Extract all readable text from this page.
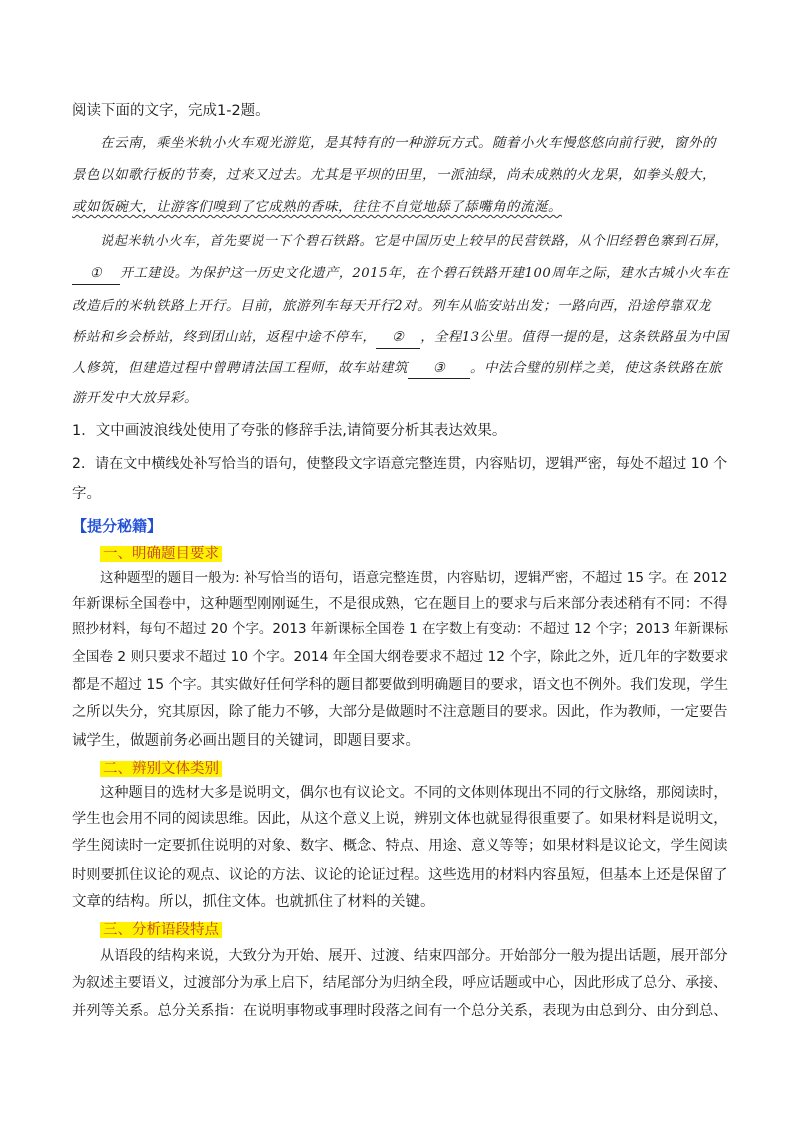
阅读下面的文字，完成1-2题。
在云南，乘坐米轨小火车观光游览，是其特有的一种游玩方式。随着小火车慢悠悠向前行驶，窗外的
景色以如歌行板的节奏，过来又过去。尤其是平坝的田里，一派油绿，尚未成熟的火龙果，如拳头般大，
或如饭碗大，让游客们嗅到了它成熟的香味，往往不自觉地舔了舔嘴角的流涎。
说起米轨小火车，首先要说一下个碧石铁路。它是中国历史上较早的民营铁路，从个旧经碧色寨到石屏，
① 开工建设。为保护这一历史文化遗产，2015年，在个碧石铁路开建100周年之际，建水古城小火车在
改造后的米轨铁路上开行。目前，旅游列车每天开行2对。列车从临安站出发；一路向西，沿途停靠双龙
桥站和乡会桥站，终到团山站，返程中途不停车， ② ，全程13公里。值得一提的是，这条铁路虽为中国
人修筑，但建造过程中曾聘请法国工程师，故车站建筑 ③ 。中法合璧的别样之美，使这条铁路在旅
游开发中大放异彩。
1．文中画波浪线处使用了夸张的修辞手法,请简要分析其表达效果。
2．请在文中横线处补写恰当的语句，使整段文字语意完整连贯，内容贴切，逻辑严密，每处不超过 10 个
字。
【提分秘籍】
一、明确题目要求
这种题型的题目一般为: 补写恰当的语句，语意完整连贯，内容贴切，逻辑严密，不超过 15 字。在 2012
年新课标全国卷中，这种题型刚刚诞生，不是很成熟，它在题目上的要求与后来部分表述稍有不同：不得
照抄材料，每句不超过 20 个字。2013 年新课标全国卷 1 在字数上有变动：不超过 12 个字；2013 年新课标
全国卷 2 则只要求不超过 10 个字。2014 年全国大纲卷要求不超过 12 个字，除此之外，近几年的字数要求
都是不超过 15 个字。其实做好任何学科的题目都要做到明确题目的要求，语文也不例外。我们发现，学生
之所以失分，究其原因，除了能力不够，大部分是做题时不注意题目的要求。因此，作为教师，一定要告
诫学生，做题前务必画出题目的关键词，即题目要求。
二、辨别文体类别
这种题目的选材大多是说明文，偶尔也有议论文。不同的文体则体现出不同的行文脉络，那阅读时，
学生也会用不同的阅读思维。因此，从这个意义上说，辨别文体也就显得很重要了。如果材料是说明文，
学生阅读时一定要抓住说明的对象、数字、概念、特点、用途、意义等等；如果材料是议论文，学生阅读
时则要抓住议论的观点、议论的方法、议论的论证过程。这些选用的材料内容虽短，但基本上还是保留了
文章的结构。所以，抓住文体。也就抓住了材料的关键。
三、分析语段特点
从语段的结构来说，大致分为开始、展开、过渡、结束四部分。开始部分一般为提出话题，展开部分
为叙述主要语义，过渡部分为承上启下，结尾部分为归纳全段，呼应话题或中心，因此形成了总分、承接、
并列等关系。总分关系指：在说明事物或事理时段落之间有一个总分关系，表现为由总到分、由分到总、
